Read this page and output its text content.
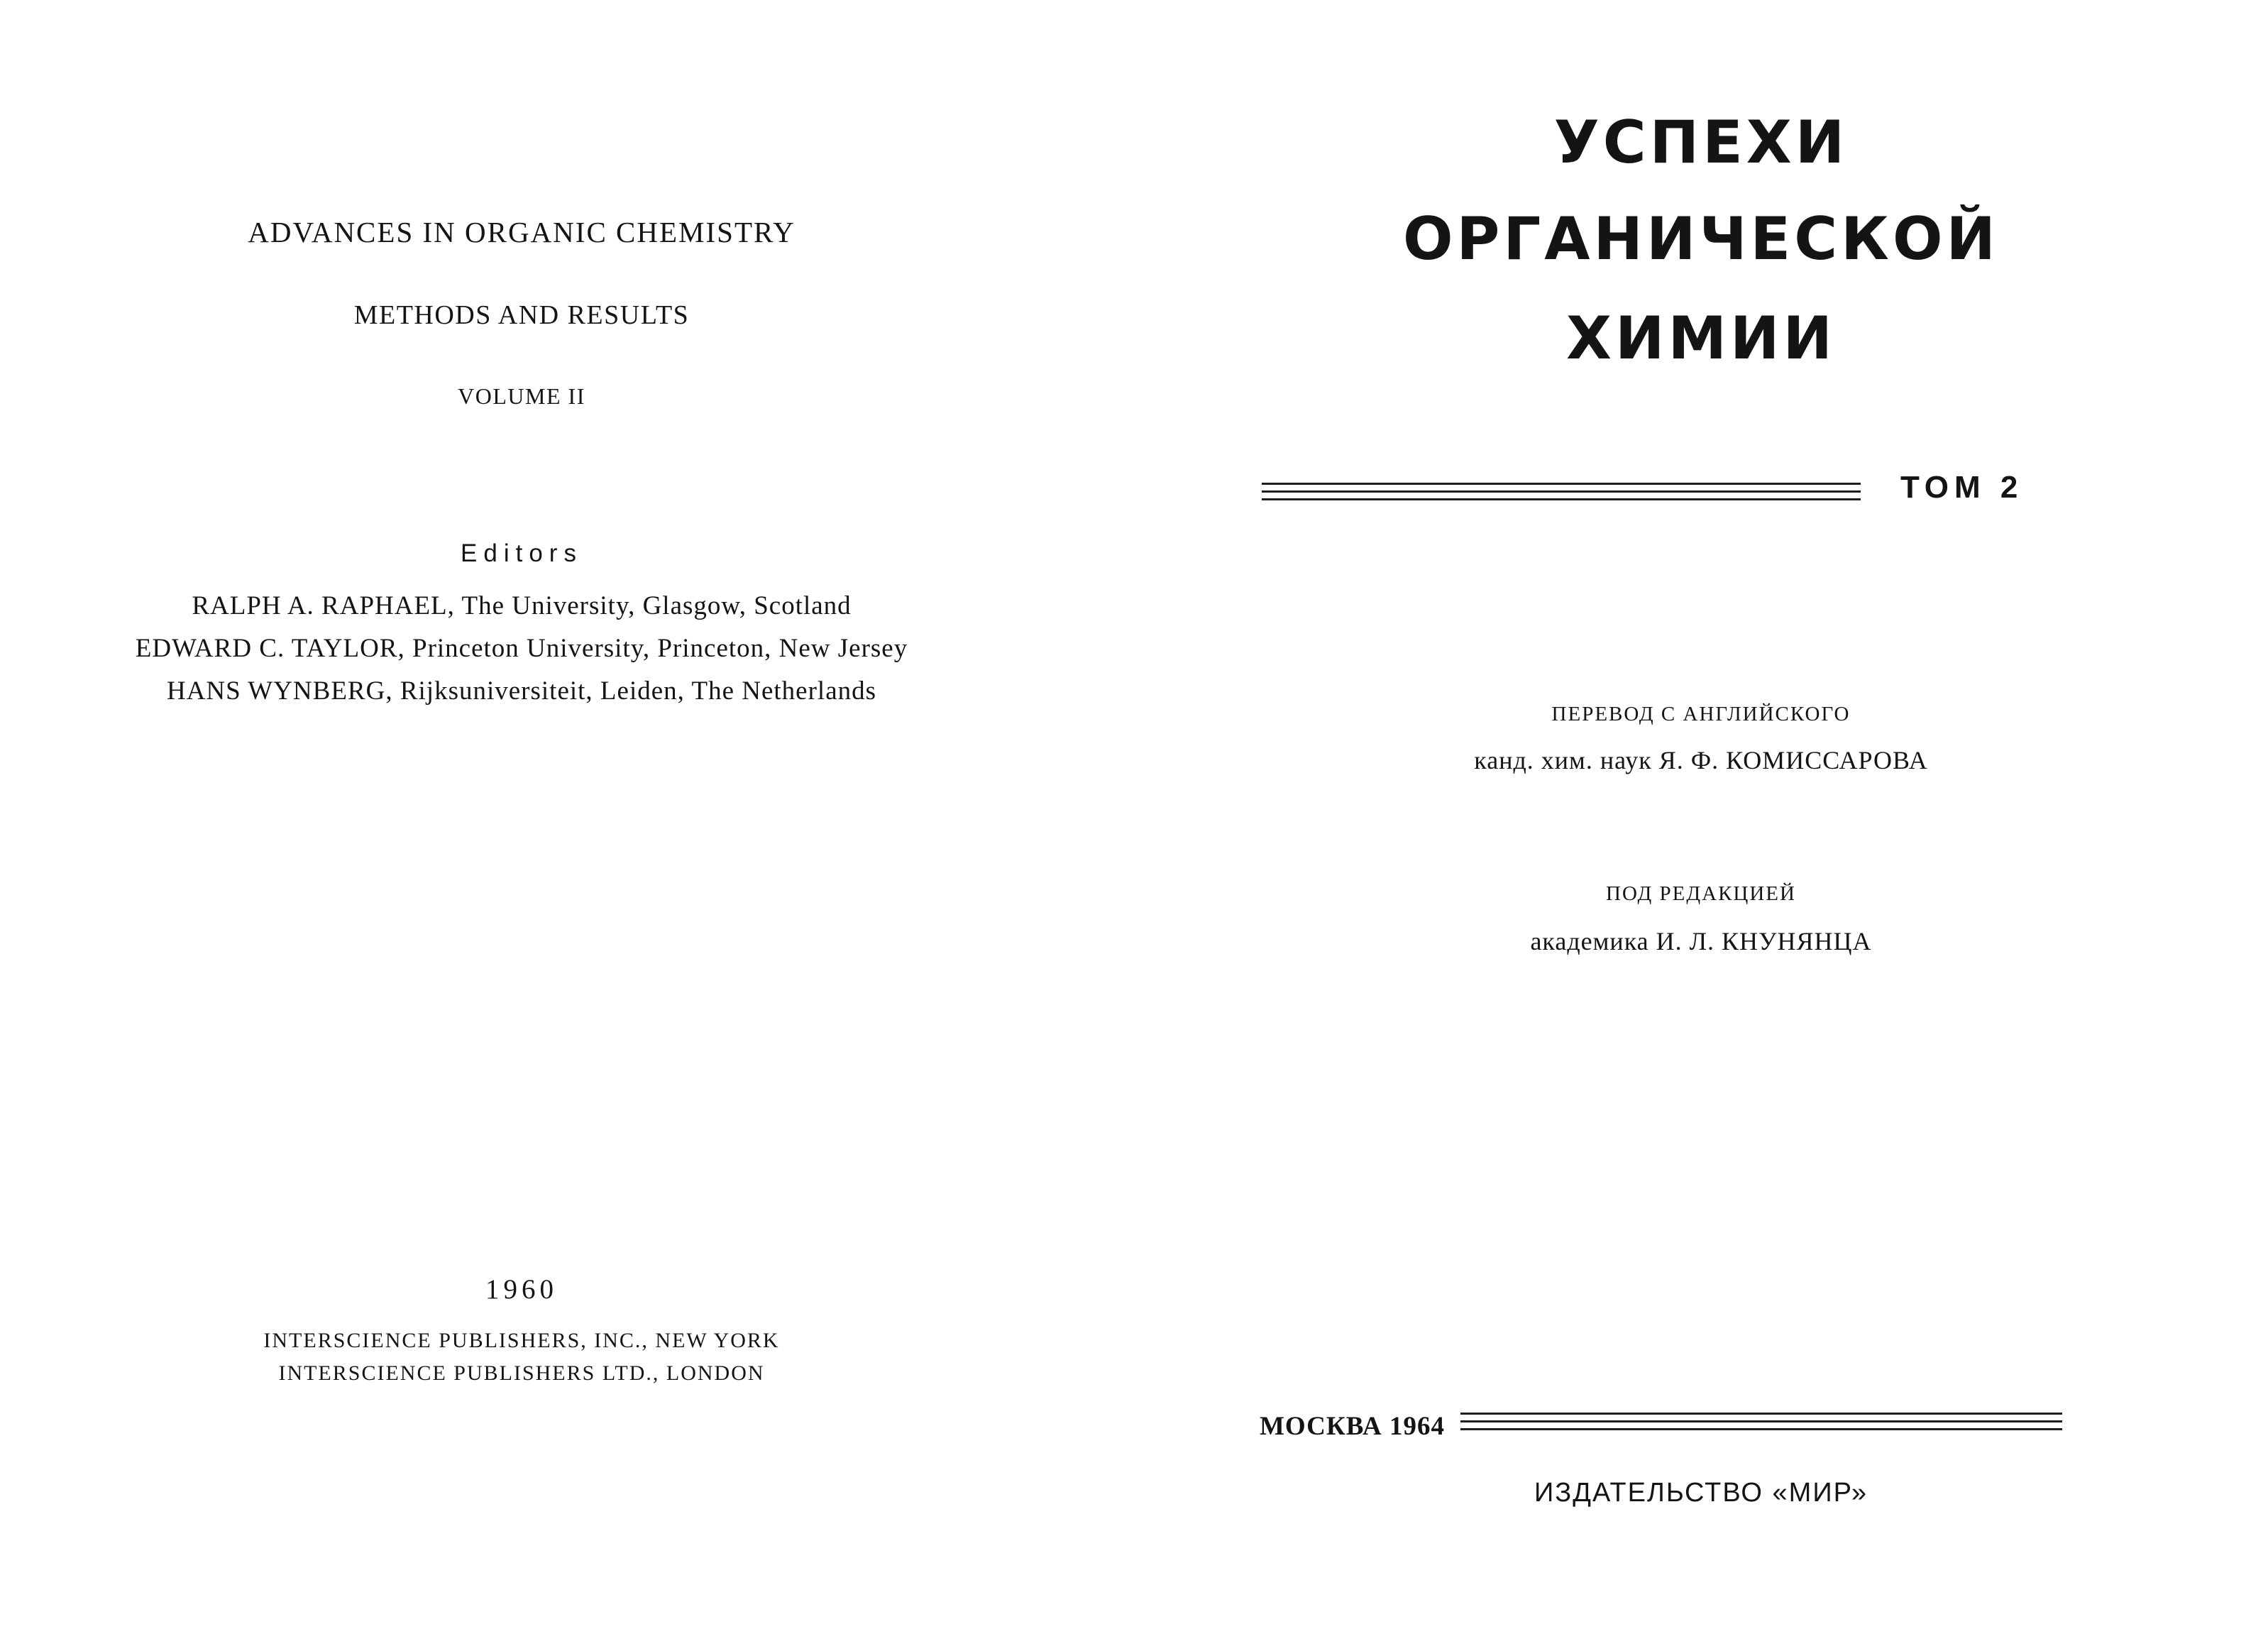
ADVANCES IN ORGANIC CHEMISTRY
METHODS AND RESULTS
VOLUME II
Editors
RALPH A. RAPHAEL, The University, Glasgow, Scotland
EDWARD C. TAYLOR, Princeton University, Princeton, New Jersey
HANS WYNBERG, Rijksuniversiteit, Leiden, The Netherlands
1960
INTERSCIENCE PUBLISHERS, INC., NEW YORK
INTERSCIENCE PUBLISHERS LTD., LONDON
УСПЕХИ
ОРГАНИЧЕСКОЙ
ХИМИИ
ТОМ 2
ПЕРЕВОД С АНГЛИЙСКОГО
канд. хим. наук Я. Ф. КОМИССАРОВА
ПОД РЕДАКЦИЕЙ
академика И. Л. КНУНЯНЦА
МОСКВА 1964
ИЗДАТЕЛЬСТВО «МИР»
